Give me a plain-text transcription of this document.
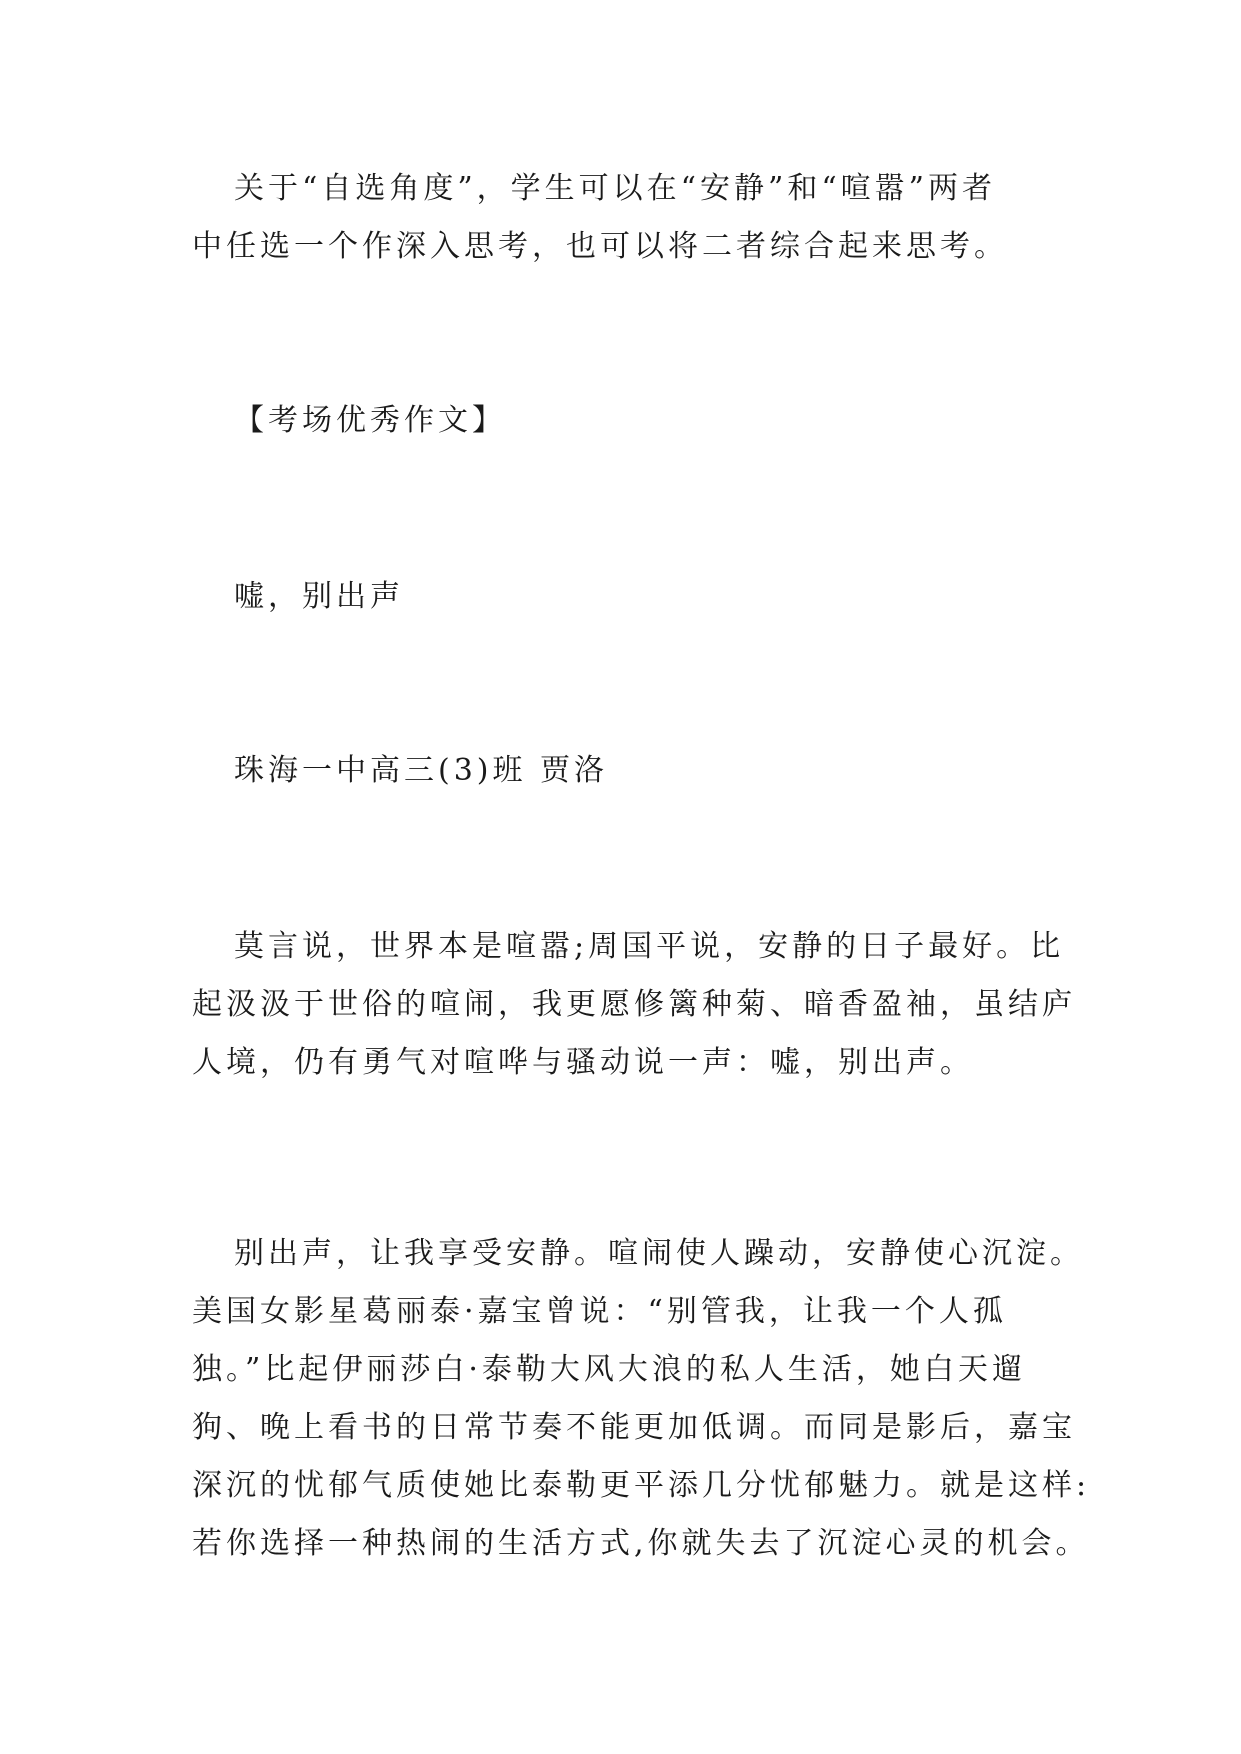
关于“自选角度”，学生可以在“安静”和“喧嚣”两者
中任选一个作深入思考，也可以将二者综合起来思考。

【考场优秀作文】

嘘，别出声

珠海一中高三(3)班 贾洛

莫言说，世界本是喧嚣;周国平说，安静的日子最好。比
起汲汲于世俗的喧闹，我更愿修篱种菊、暗香盈袖，虽结庐
人境，仍有勇气对喧哗与骚动说一声：嘘，别出声。

别出声，让我享受安静。喧闹使人躁动，安静使心沉淀。
美国女影星葛丽泰·嘉宝曾说：“别管我，让我一个人孤
独。”比起伊丽莎白·泰勒大风大浪的私人生活，她白天遛
狗、晚上看书的日常节奏不能更加低调。而同是影后，嘉宝
深沉的忧郁气质使她比泰勒更平添几分忧郁魅力。就是这样:
若你选择一种热闹的生活方式,你就失去了沉淀心灵的机会。
